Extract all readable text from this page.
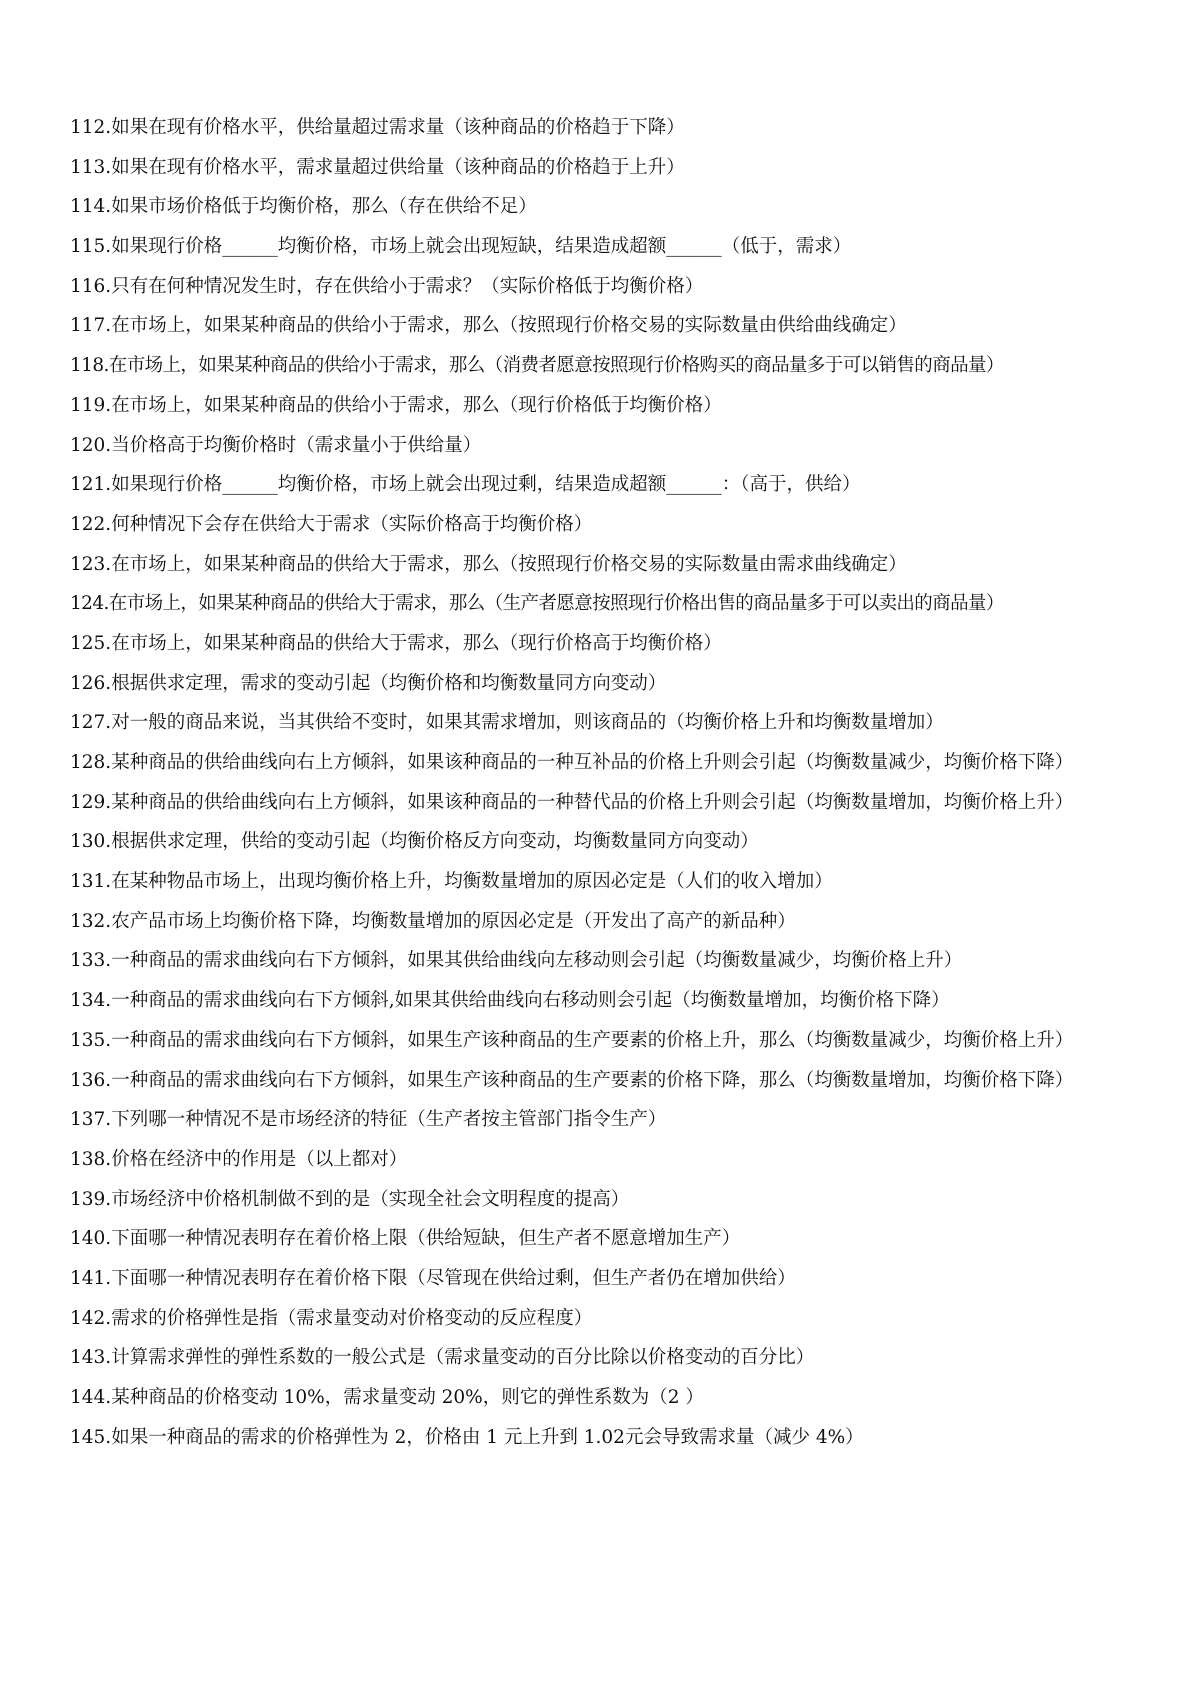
112.如果在现有价格水平，供给量超过需求量（该种商品的价格趋于下降）
113.如果在现有价格水平，需求量超过供给量（该种商品的价格趋于上升）
114.如果市场价格低于均衡价格，那么（存在供给不足）
115.如果现行价格______均衡价格，市场上就会出现短缺，结果造成超额______（低于，需求）
116.只有在何种情况发生时，存在供给小于需求？（实际价格低于均衡价格）
117.在市场上，如果某种商品的供给小于需求，那么（按照现行价格交易的实际数量由供给曲线确定）
118.在市场上，如果某种商品的供给小于需求，那么（消费者愿意按照现行价格购买的商品量多于可以销售的商品量）
119.在市场上，如果某种商品的供给小于需求，那么（现行价格低于均衡价格）
120.当价格高于均衡价格时（需求量小于供给量）
121.如果现行价格______均衡价格，市场上就会出现过剩，结果造成超额______：（高于，供给）
122.何种情况下会存在供给大于需求（实际价格高于均衡价格）
123.在市场上，如果某种商品的供给大于需求，那么（按照现行价格交易的实际数量由需求曲线确定）
124.在市场上，如果某种商品的供给大于需求，那么（生产者愿意按照现行价格出售的商品量多于可以卖出的商品量）
125.在市场上，如果某种商品的供给大于需求，那么（现行价格高于均衡价格）
126.根据供求定理，需求的变动引起（均衡价格和均衡数量同方向变动）
127.对一般的商品来说，当其供给不变时，如果其需求增加，则该商品的（均衡价格上升和均衡数量增加）
128.某种商品的供给曲线向右上方倾斜，如果该种商品的一种互补品的价格上升则会引起（均衡数量减少，均衡价格下降）
129.某种商品的供给曲线向右上方倾斜，如果该种商品的一种替代品的价格上升则会引起（均衡数量增加，均衡价格上升）
130.根据供求定理，供给的变动引起（均衡价格反方向变动，均衡数量同方向变动）
131.在某种物品市场上，出现均衡价格上升，均衡数量增加的原因必定是（人们的收入增加）
132.农产品市场上均衡价格下降，均衡数量增加的原因必定是（开发出了高产的新品种）
133.一种商品的需求曲线向右下方倾斜，如果其供给曲线向左移动则会引起（均衡数量减少，均衡价格上升）
134.一种商品的需求曲线向右下方倾斜,如果其供给曲线向右移动则会引起（均衡数量增加，均衡价格下降）
135.一种商品的需求曲线向右下方倾斜，如果生产该种商品的生产要素的价格上升，那么（均衡数量减少，均衡价格上升）
136.一种商品的需求曲线向右下方倾斜，如果生产该种商品的生产要素的价格下降，那么（均衡数量增加，均衡价格下降）
137.下列哪一种情况不是市场经济的特征（生产者按主管部门指令生产）
138.价格在经济中的作用是（以上都对）
139.市场经济中价格机制做不到的是（实现全社会文明程度的提高）
140.下面哪一种情况表明存在着价格上限（供给短缺，但生产者不愿意增加生产）
141.下面哪一种情况表明存在着价格下限（尽管现在供给过剩，但生产者仍在增加供给）
142.需求的价格弹性是指（需求量变动对价格变动的反应程度）
143.计算需求弹性的弹性系数的一般公式是（需求量变动的百分比除以价格变动的百分比）
144.某种商品的价格变动 10%，需求量变动 20%，则它的弹性系数为（2 ）
145.如果一种商品的需求的价格弹性为 2，价格由 1 元上升到 1.02元会导致需求量（减少 4%）
